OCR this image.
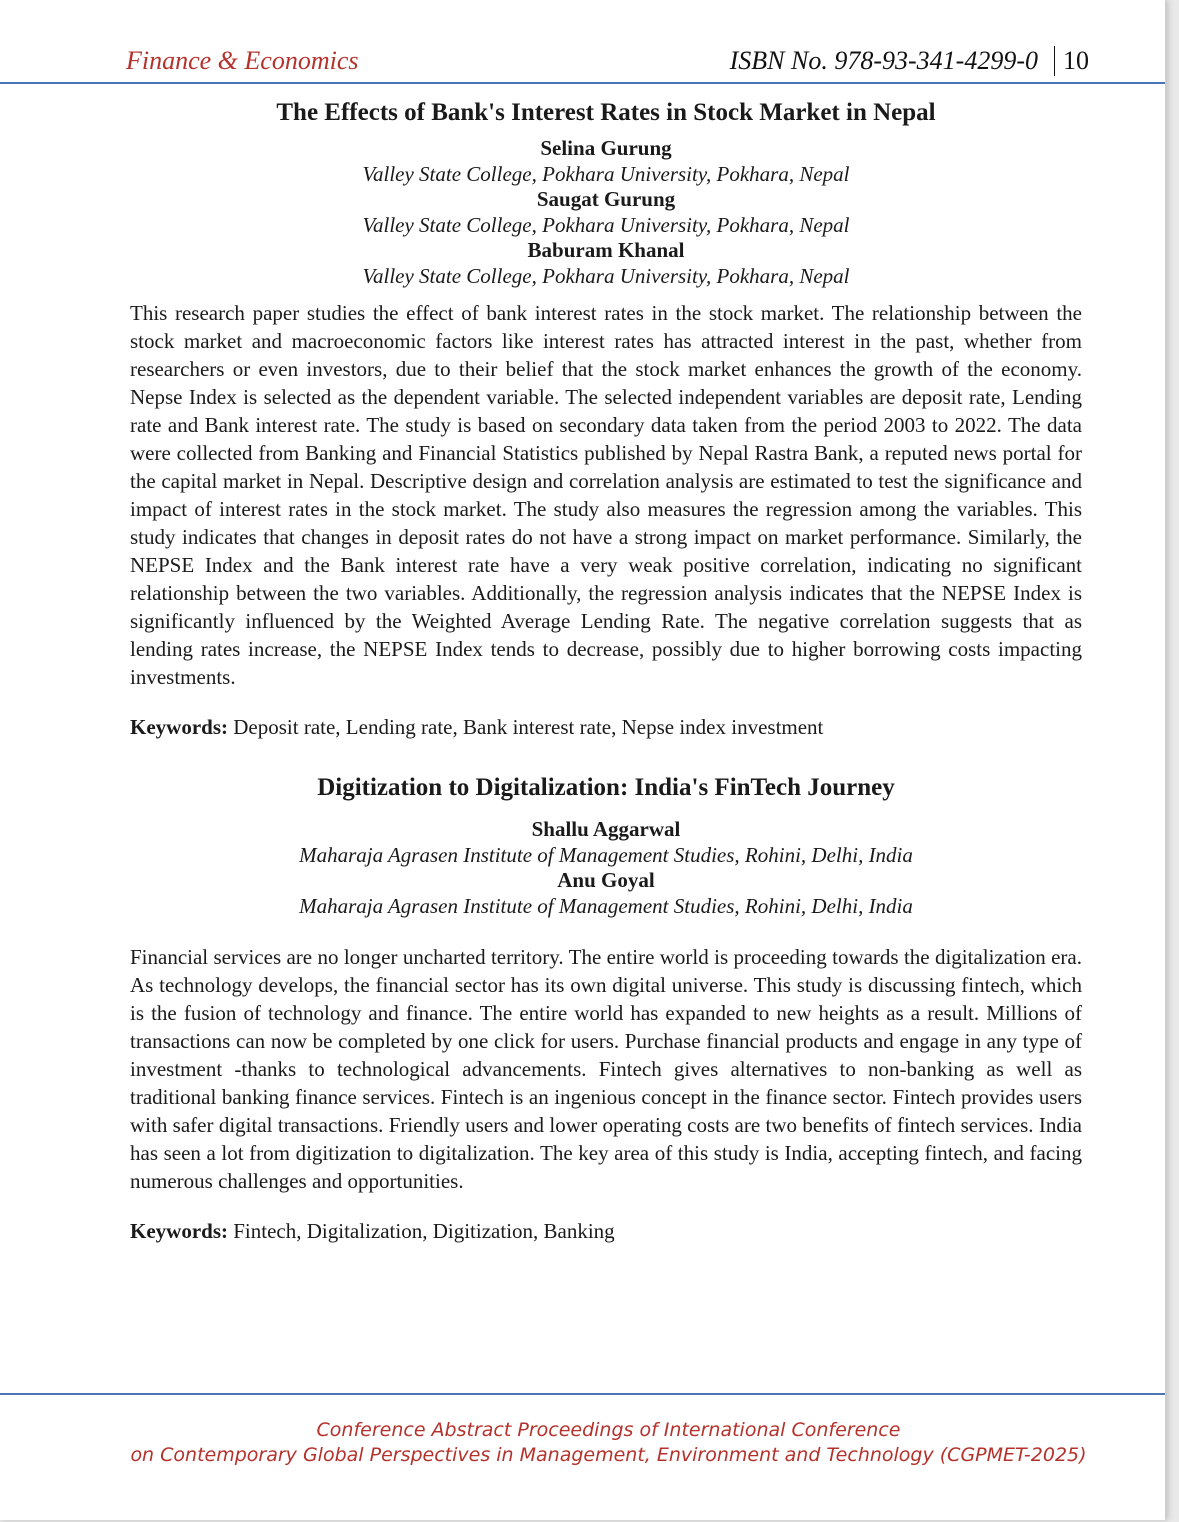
Finance & Economics	ISBN No. 978-93-341-4299-0 10
The Effects of Bank's Interest Rates in Stock Market in Nepal
Selina Gurung
Valley State College, Pokhara University, Pokhara, Nepal
Saugat Gurung
Valley State College, Pokhara University, Pokhara, Nepal
Baburam Khanal
Valley State College, Pokhara University, Pokhara, Nepal

This research paper studies the effect of bank interest rates in the stock market. The relationship between the stock market and macroeconomic factors like interest rates has attracted interest in the past, whether from researchers or even investors, due to their belief that the stock market enhances the growth of the economy. Nepse Index is selected as the dependent variable. The selected independent variables are deposit rate, Lending rate and Bank interest rate. The study is based on secondary data taken from the period 2003 to 2022. The data were collected from Banking and Financial Statistics published by Nepal Rastra Bank, a reputed news portal for the capital market in Nepal. Descriptive design and correlation analysis are estimated to test the significance and impact of interest rates in the stock market. The study also measures the regression among the variables. This study indicates that changes in deposit rates do not have a strong impact on market performance. Similarly, the NEPSE Index and the Bank interest rate have a very weak positive correlation, indicating no significant relationship between the two variables. Additionally, the regression analysis indicates that the NEPSE Index is significantly influenced by the Weighted Average Lending Rate. The negative correlation suggests that as lending rates increase, the NEPSE Index tends to decrease, possibly due to higher borrowing costs impacting investments.

Keywords: Deposit rate, Lending rate, Bank interest rate, Nepse index investment
Digitization to Digitalization: India's FinTech Journey
Shallu Aggarwal
Maharaja Agrasen Institute of Management Studies, Rohini, Delhi, India
Anu Goyal
Maharaja Agrasen Institute of Management Studies, Rohini, Delhi, India

Financial services are no longer uncharted territory. The entire world is proceeding towards the digitalization era. As technology develops, the financial sector has its own digital universe. This study is discussing fintech, which is the fusion of technology and finance. The entire world has expanded to new heights as a result. Millions of transactions can now be completed by one click for users. Purchase financial products and engage in any type of investment -thanks to technological advancements. Fintech gives alternatives to non-banking as well as traditional banking finance services. Fintech is an ingenious concept in the finance sector. Fintech provides users with safer digital transactions. Friendly users and lower operating costs are two benefits of fintech services. India has seen a lot from digitization to digitalization. The key area of this study is India, accepting fintech, and facing numerous challenges and opportunities.

Keywords: Fintech, Digitalization, Digitization, Banking
Conference Abstract Proceedings of International Conference
on Contemporary Global Perspectives in Management, Environment and Technology (CGPMET-2025)
